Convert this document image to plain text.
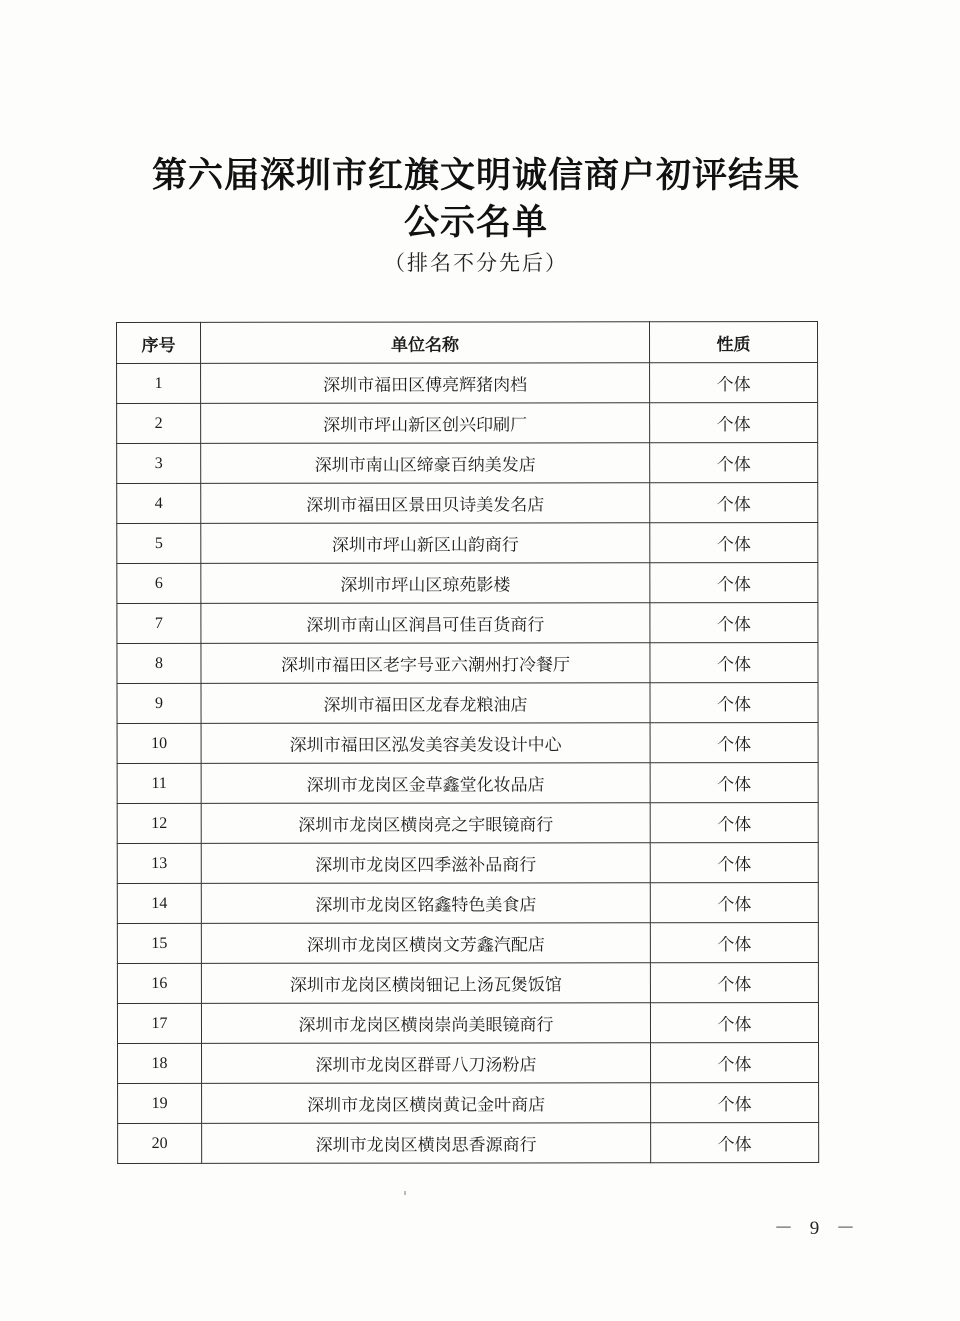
第六届深圳市红旗文明诚信商户初评结果
公示名单
（排名不分先后）
序号	单位名称	性质
1	深圳市福田区傅亮辉猪肉档	个体
2	深圳市坪山新区创兴印刷厂	个体
3	深圳市南山区缔豪百纳美发店	个体
4	深圳市福田区景田贝诗美发名店	个体
5	深圳市坪山新区山韵商行	个体
6	深圳市坪山区琼苑影楼	个体
7	深圳市南山区润昌可佳百货商行	个体
8	深圳市福田区老字号亚六潮州打冷餐厅	个体
9	深圳市福田区龙春龙粮油店	个体
10	深圳市福田区泓发美容美发设计中心	个体
11	深圳市龙岗区金草鑫堂化妆品店	个体
12	深圳市龙岗区横岗亮之宇眼镜商行	个体
13	深圳市龙岗区四季滋补品商行	个体
14	深圳市龙岗区铭鑫特色美食店	个体
15	深圳市龙岗区横岗文芳鑫汽配店	个体
16	深圳市龙岗区横岗钿记上汤瓦煲饭馆	个体
17	深圳市龙岗区横岗崇尚美眼镜商行	个体
18	深圳市龙岗区群哥八刀汤粉店	个体
19	深圳市龙岗区横岗黄记金叶商店	个体
20	深圳市龙岗区横岗思香源商行	个体
－ 9 －
